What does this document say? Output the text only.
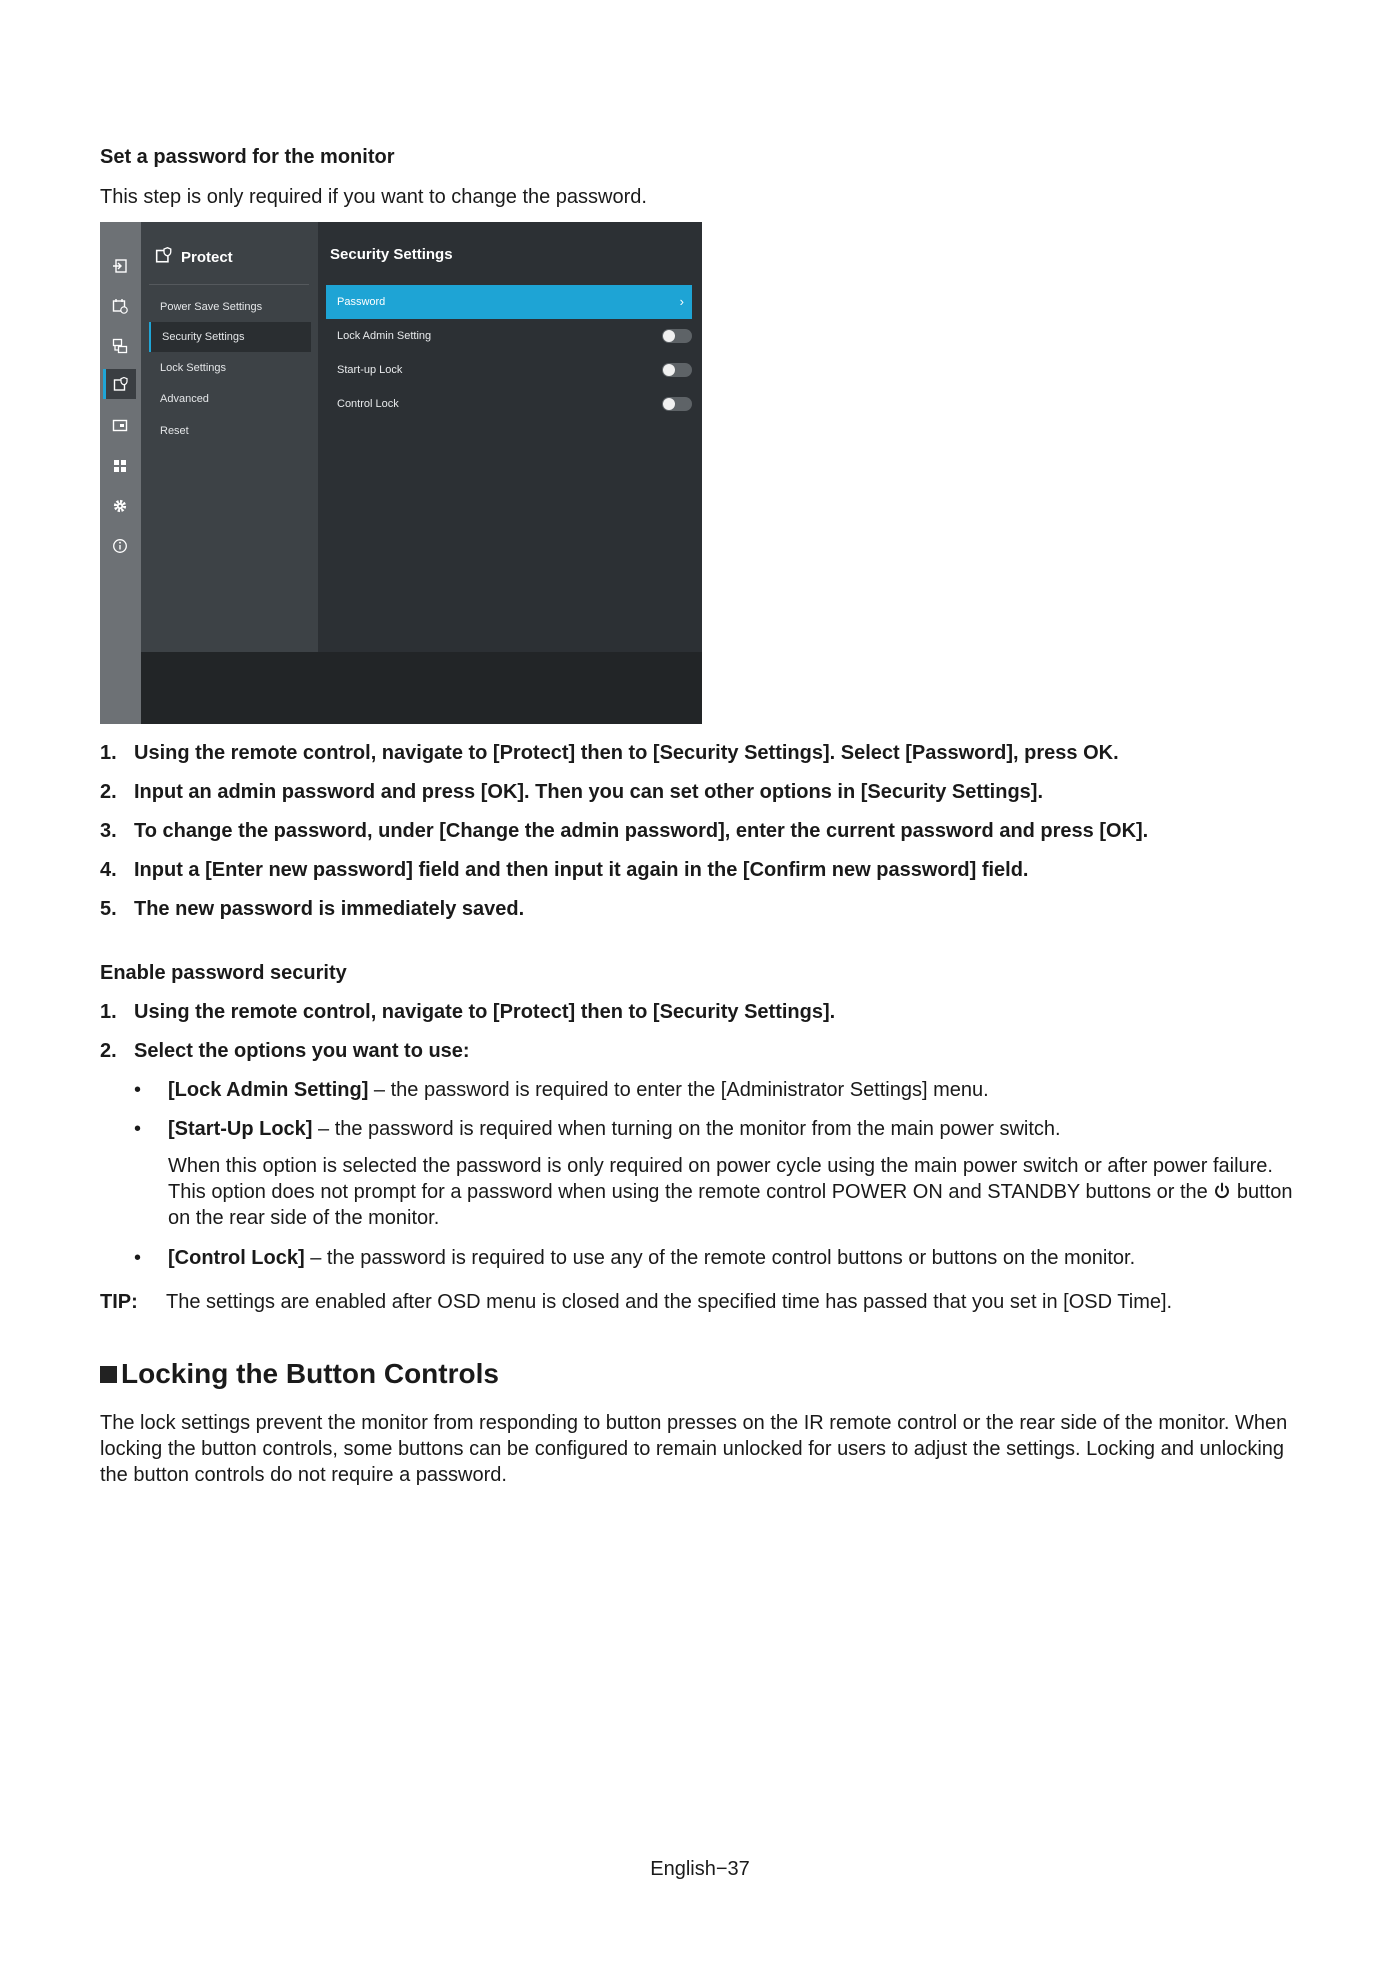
Set a password for the monitor
This step is only required if you want to change the password.
Protect
Power Save Settings
Security Settings
Lock Settings
Advanced
Reset
Security Settings
Password	›
Lock Admin Setting
Start-up Lock
Control Lock
1. Using the remote control, navigate to [Protect] then to [Security Settings]. Select [Password], press OK.
2. Input an admin password and press [OK]. Then you can set other options in [Security Settings].
3. To change the password, under [Change the admin password], enter the current password and press [OK].
4. Input a [Enter new password] field and then input it again in the [Confirm new password] field.
5. The new password is immediately saved.
Enable password security
1. Using the remote control, navigate to [Protect] then to [Security Settings].
2. Select the options you want to use:
• [Lock Admin Setting] – the password is required to enter the [Administrator Settings] menu.
• [Start-Up Lock] – the password is required when turning on the monitor from the main power switch.
When this option is selected the password is only required on power cycle using the main power switch or after power failure. This option does not prompt for a password when using the remote control POWER ON and STANDBY buttons or the  button on the rear side of the monitor.
• [Control Lock] – the password is required to use any of the remote control buttons or buttons on the monitor.
TIP: The settings are enabled after OSD menu is closed and the specified time has passed that you set in [OSD Time].
Locking the Button Controls
The lock settings prevent the monitor from responding to button presses on the IR remote control or the rear side of the monitor. When locking the button controls, some buttons can be configured to remain unlocked for users to adjust the settings. Locking and unlocking the button controls do not require a password.
English−37
